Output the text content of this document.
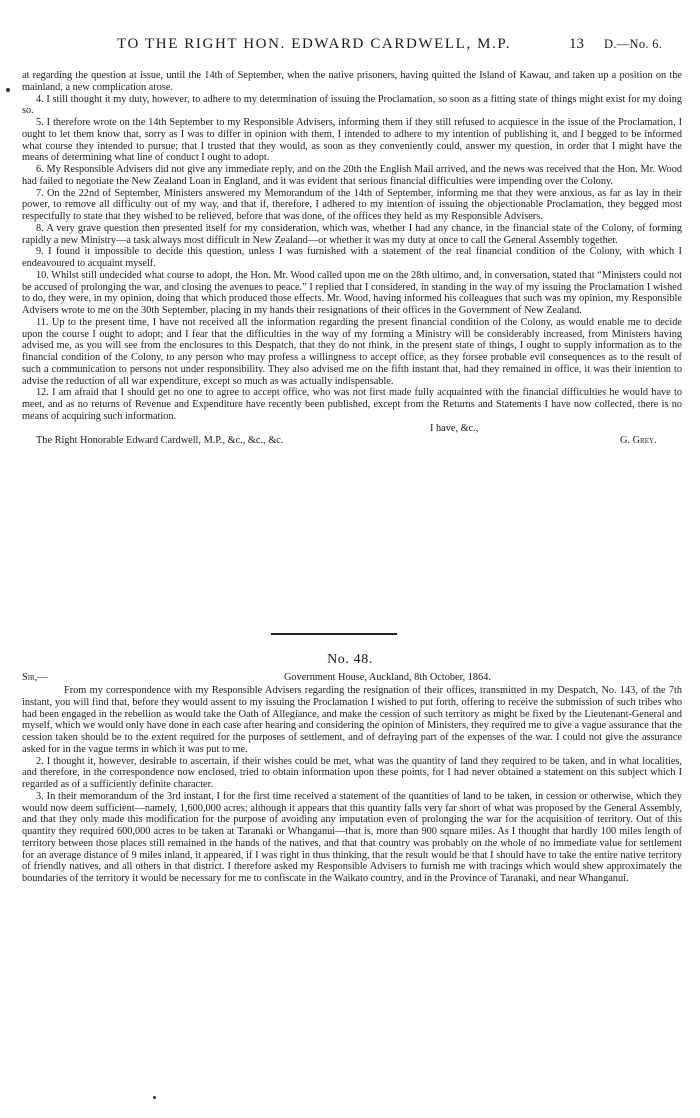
TO THE RIGHT HON. EDWARD CARDWELL, M.P.	13 D.—No. 6.

at regarding the question at issue, until the 14th of September, when the native prisoners, having quitted the Island of Kawau, and taken up a position on the mainland, a new complication arose.

4. I still thought it my duty, however, to adhere to my determination of issuing the Proclamation, so soon as a fitting state of things might exist for my doing so.

5. I therefore wrote on the 14th September to my Responsible Advisers, informing them if they still refused to acquiesce in the issue of the Proclamation, I ought to let them know that, sorry as I was to differ in opinion with them, I intended to adhere to my intention of publishing it, and I begged to be informed what course they intended to pursue; that I trusted that they would, as soon as they conveniently could, answer my question, in order that I might have the means of determining what line of conduct I ought to adopt.

6. My Responsible Advisers did not give any immediate reply, and on the 20th the English Mail arrived, and the news was received that the Hon. Mr. Wood had failed to negotiate the New Zealand Loan in England, and it was evident that serious financial difficulties were impending over the Colony.

7. On the 22nd of September, Ministers answered my Memorandum of the 14th of September, informing me that they were anxious, as far as lay in their power, to remove all difficulty out of my way, and that if, therefore, I adhered to my intention of issuing the objectionable Proclamation, they begged most respectfully to state that they wished to be relieved, before that was done, of the offices they held as my Responsible Advisers.

8. A very grave question then presented itself for my consideration, which was, whether I had any chance, in the financial state of the Colony, of forming rapidly a new Ministry—a task always most difficult in New Zealand—or whether it was my duty at once to call the General Assembly together.

9. I found it impossible to decide this question, unless I was furnished with a statement of the real financial condition of the Colony, with which I endeavoured to acquaint myself.

10. Whilst still undecided what course to adopt, the Hon. Mr. Wood called upon me on the 28th ultimo, and, in conversation, stated that “Ministers could not be accused of prolonging the war, and closing the avenues to peace.” I replied that I considered, in standing in the way of my issuing the Proclamation I wished to do, they were, in my opinion, doing that which produced those effects. Mr. Wood, having informed his colleagues that such was my opinion, my Responsible Advisers wrote to me on the 30th September, placing in my hands their resignations of their offices in the Government of New Zealand.

11. Up to the present time, I have not received all the information regarding the present financial condition of the Colony, as would enable me to decide upon the course I ought to adopt; and I fear that the difficulties in the way of my forming a Ministry will be considerably increased, from Ministers having advised me, as you will see from the enclosures to this Despatch, that they do not think, in the present state of things, I ought to supply information as to the financial condition of the Colony, to any person who may profess a willingness to accept office, as they forsee probable evil consequences as to the result of such a communication to persons not under responsibility. They also advised me on the fifth instant that, had they remained in office, it was their intention to advise the reduction of all war expenditure, except so much as was actually indispensable.

12. I am afraid that I should get no one to agree to accept office, who was not first made fully acquainted with the financial difficulties he would have to meet, and as no returns of Revenue and Expenditure have recently been published, except from the Returns and Statements I have now collected, there is no means of acquiring such information.

I have, &c.,
The Right Honorable Edward Cardwell, M.P., &c., &c., &c.	G. Grey.
No. 48.
Sir,—	Government House, Auckland, 8th October, 1864.

From my correspondence with my Responsible Advisers regarding the resignation of their offices, transmitted in my Despatch, No. 143, of the 7th instant, you will find that, before they would assent to my issuing the Proclamation I wished to put forth, offering to receive the submission of such tribes who had been engaged in the rebellion as would take the Oath of Allegiance, and make the cession of such territory as might be fixed by the Lieutenant-General and myself, which we would only have done in each case after hearing and considering the opinion of Ministers, they required me to give a vague assurance that the cession taken should be to the extent required for the purposes of settlement, and of defraying part of the expenses of the war. I could not give the assurance asked for in the vague terms in which it was put to me.

2. I thought it, however, desirable to ascertain, if their wishes could be met, what was the quantity of land they required to be taken, and in what localities, and therefore, in the correspondence now enclosed, tried to obtain information upon these points, for I had never obtained a statement on this subject which I regarded as of a sufficiently definite character.

3. In their memorandum of the 3rd instant, I for the first time received a statement of the quantities of land to be taken, in cession or otherwise, which they would now deem sufficient—namely, 1,600,000 acres; although it appears that this quantity falls very far short of what was proposed by the General Assembly, and that they only made this modification for the purpose of avoiding any imputation even of prolonging the war for the acquisition of territory. Out of this quantity they required 600,000 acres to be taken at Taranaki or Whanganui—that is, more than 900 square miles. As I thought that hardly 100 miles length of territory between those places still remained in the hands of the natives, and that that country was probably on the whole of no immediate value for settlement for an average distance of 9 miles inland, it appeared, if I was right in thus thinking, that the result would be that I should have to take the entire native territory of friendly natives, and all others in that district. I therefore asked my Responsible Advisers to furnish me with tracings which would shew approximately the boundaries of the territory it would be necessary for me to confiscate in the Waikato country, and in the Province of Taranaki, and near Whanganui.
